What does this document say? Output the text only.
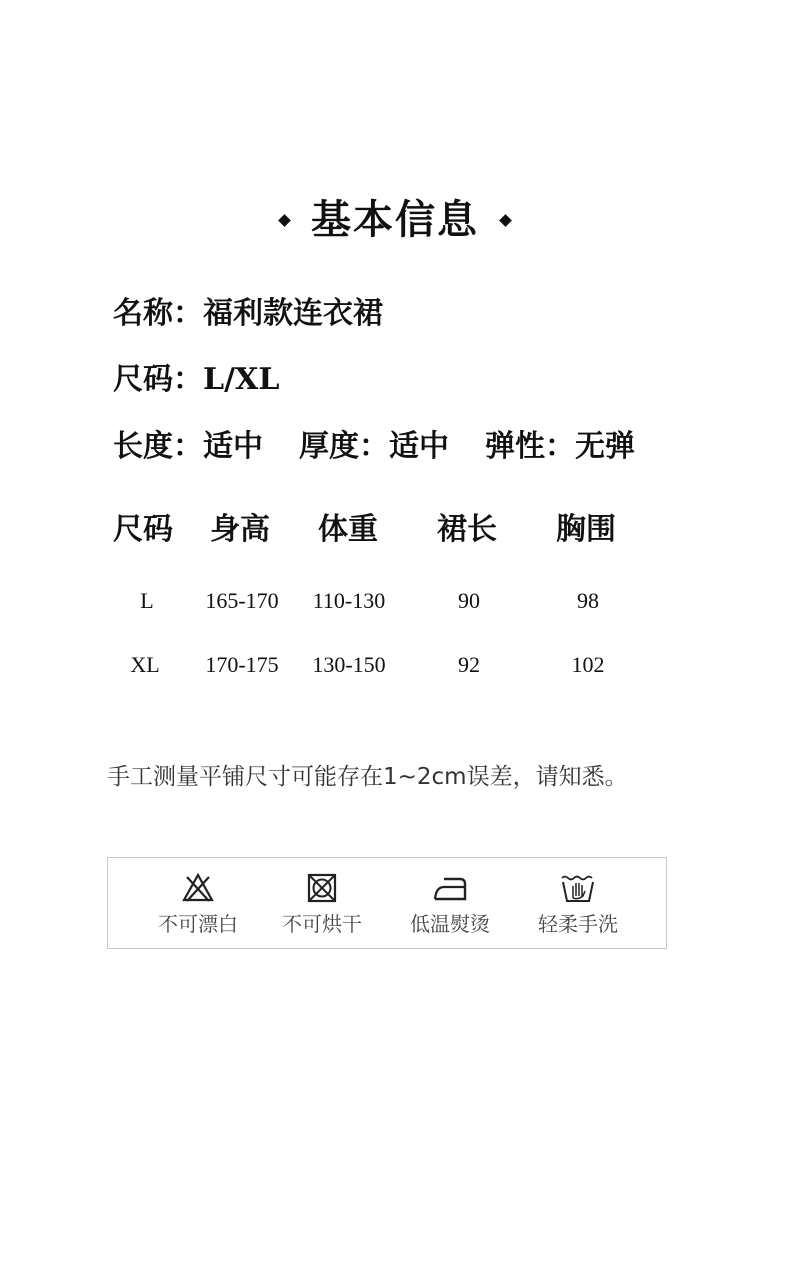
基本信息
名称：福利款连衣裙
尺码：L/XL
长度：适中 厚度：适中 弹性：无弹
尺码 身高 体重 裙长 胸围
L	165-170	110-130	90	98
XL	170-175	130-150	92	102
手工测量平铺尺寸可能存在1~2cm误差，请知悉。
不可漂白	不可烘干	低温熨烫	轻柔手洗
